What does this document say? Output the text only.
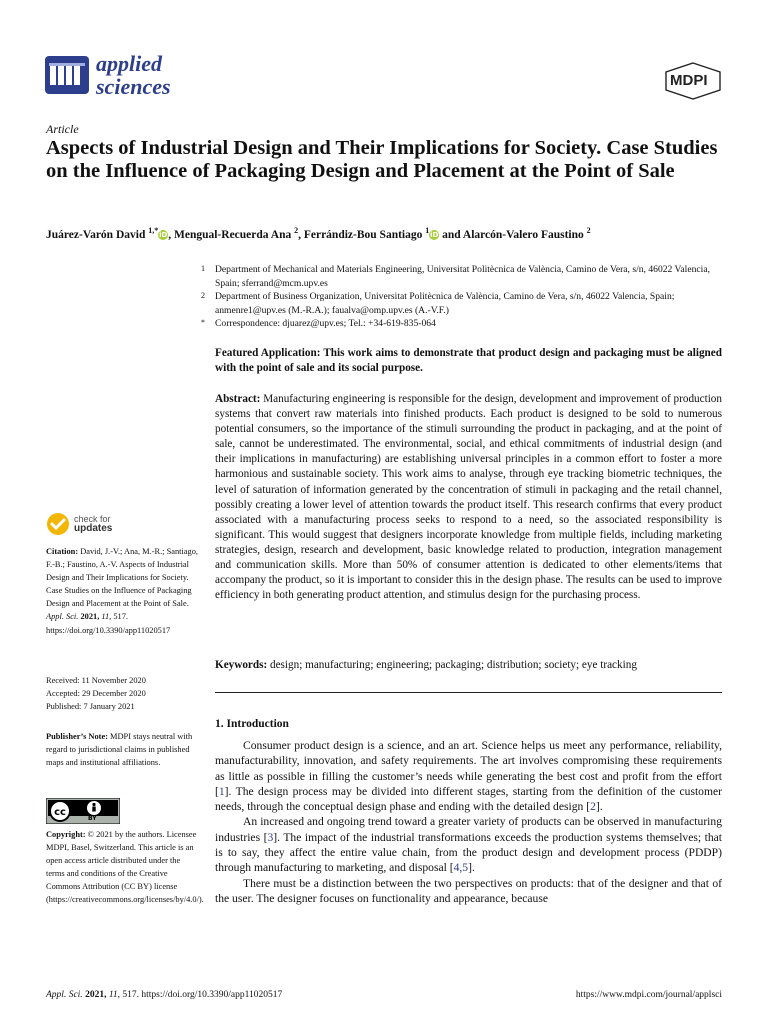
applied
sciences	MDPI
Article
Aspects of Industrial Design and Their Implications for Society. Case Studies on the Influence of Packaging Design and Placement at the Point of Sale
Juárez-Varón David $^{1,*}$iD, Mengual-Recuerda Ana $^2$, Ferrándiz-Bou Santiago $^1$iD and Alarcón-Valero Faustino $^2$
1 Department of Mechanical and Materials Engineering, Universitat Politècnica de València, Camino de Vera, s/n, 46022 Valencia, Spain; sferrand@mcm.upv.es
2 Department of Business Organization, Universitat Politècnica de València, Camino de Vera, s/n, 46022 Valencia, Spain; anmenre1@upv.es (M.-R.A.); faualva@omp.upv.es (A.-V.F.)
* Correspondence: djuarez@upv.es; Tel.: +34-619-835-064
Featured Application: This work aims to demonstrate that product design and packaging must be aligned with the point of sale and its social purpose.
Abstract: Manufacturing engineering is responsible for the design, development and improvement of production systems that convert raw materials into finished products. Each product is designed to be sold to numerous potential consumers, so the importance of the stimuli surrounding the product in packaging, and at the point of sale, cannot be underestimated. The environmental, social, and ethical commitments of industrial design (and their implications in manufacturing) are establishing universal principles in a common effort to foster a more harmonious and sustainable society. This work aims to analyse, through eye tracking biometric techniques, the level of saturation of information generated by the concentration of stimuli in packaging and the retail channel, possibly creating a lower level of attention towards the product itself. This research confirms that every product associated with a manufacturing process seeks to respond to a need, so the associated responsibility is significant. This would suggest that designers incorporate knowledge from multiple fields, including marketing strategies, design, research and development, basic knowledge related to production, integration management and communication skills. More than 50% of consumer attention is dedicated to other elements/items that accompany the product, so it is important to consider this in the design phase. The results can be used to improve efficiency in both generating product attention, and stimulus design for the purchasing process.
Keywords: design; manufacturing; engineering; packaging; distribution; society; eye tracking
1. Introduction

Consumer product design is a science, and an art. Science helps us meet any performance, reliability, manufacturability, innovation, and safety requirements. The art involves compromising these requirements as little as possible in filling the customer’s needs while generating the best cost and profit from the effort [1]. The design process may be divided into different stages, starting from the definition of the customer needs, through the conceptual design phase and ending with the detailed design [2].

An increased and ongoing trend toward a greater variety of products can be observed in manufacturing industries [3]. The impact of the industrial transformations exceeds the production systems themselves; that is to say, they affect the entire value chain, from the product design and development process (PDDP) through manufacturing to marketing, and disposal [4,5].

There must be a distinction between the two perspectives on products: that of the designer and that of the user. The designer focuses on functionality and appearance, because

check for
updates
Citation: David, J.-V.; Ana, M.-R.; Santiago, F.-B.; Faustino, A.-V. Aspects of Industrial Design and Their Implications for Society. Case Studies on the Influence of Packaging Design and Placement at the Point of Sale. Appl. Sci. 2021, 11, 517. https://doi.org/10.3390/app11020517
Received: 11 November 2020
Accepted: 29 December 2020
Published: 7 January 2021
Publisher’s Note: MDPI stays neutral with regard to jurisdictional claims in published maps and institutional affiliations.
cc
BY
Copyright: © 2021 by the authors. Licensee MDPI, Basel, Switzerland. This article is an open access article distributed under the terms and conditions of the Creative Commons Attribution (CC BY) license (https://creativecommons.org/licenses/by/4.0/).
Appl. Sci. 2021, 11, 517. https://doi.org/10.3390/app11020517	https://www.mdpi.com/journal/applsci
